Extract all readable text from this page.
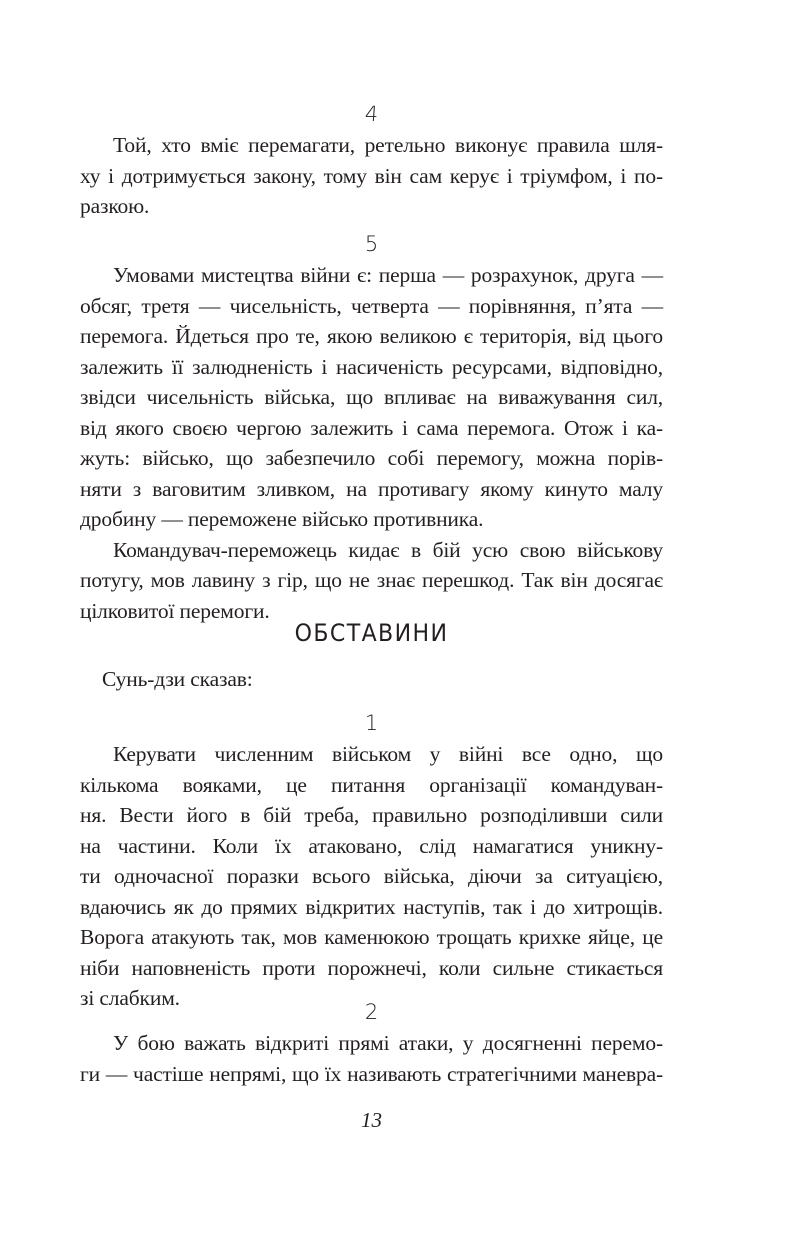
4
Той, хто вміє перемагати, ретельно виконує правила шля-
ху і дотримується закону, тому він сам керує і тріумфом, і по-
разкою.
5
Умовами мистецтва війни є: перша — розрахунок, друга —
обсяг, третя — чисельність, четверта — порівняння, п’ята —
перемога. Йдеться про те, якою великою є територія, від цього
залежить її залюдненість і насиченість ресурсами, відповідно,
звідси чисельність війська, що впливає на виважування сил,
від якого своєю чергою залежить і сама перемога. Отож і ка-
жуть: військо, що забезпечило собі перемогу, можна порів-
няти з ваговитим зливком, на противагу якому кинуто малу
дробину — переможене військо противника.
Командувач-переможець кидає в бій усю свою військову
потугу, мов лавину з гір, що не знає перешкод. Так він досягає
цілковитої перемоги.
ОБСТАВИНИ
Сунь-дзи сказав:
1
Керувати численним військом у війні все одно, що
кількома вояками, це питання організації командуван-
ня. Вести його в бій треба, правильно розподіливши сили
на частини. Коли їх атаковано, слід намагатися уникну-
ти одночасної поразки всього війська, діючи за ситуацією,
вдаючись як до прямих відкритих наступів, так і до хитрощів.
Ворога атакують так, мов каменюкою трощать крихке яйце, це
ніби наповненість проти порожнечі, коли сильне стикається
зі слабким.
2
У бою важать відкриті прямі атаки, у досягненні перемо-
ги — частіше непрямі, що їх називають стратегічними маневра-
13
